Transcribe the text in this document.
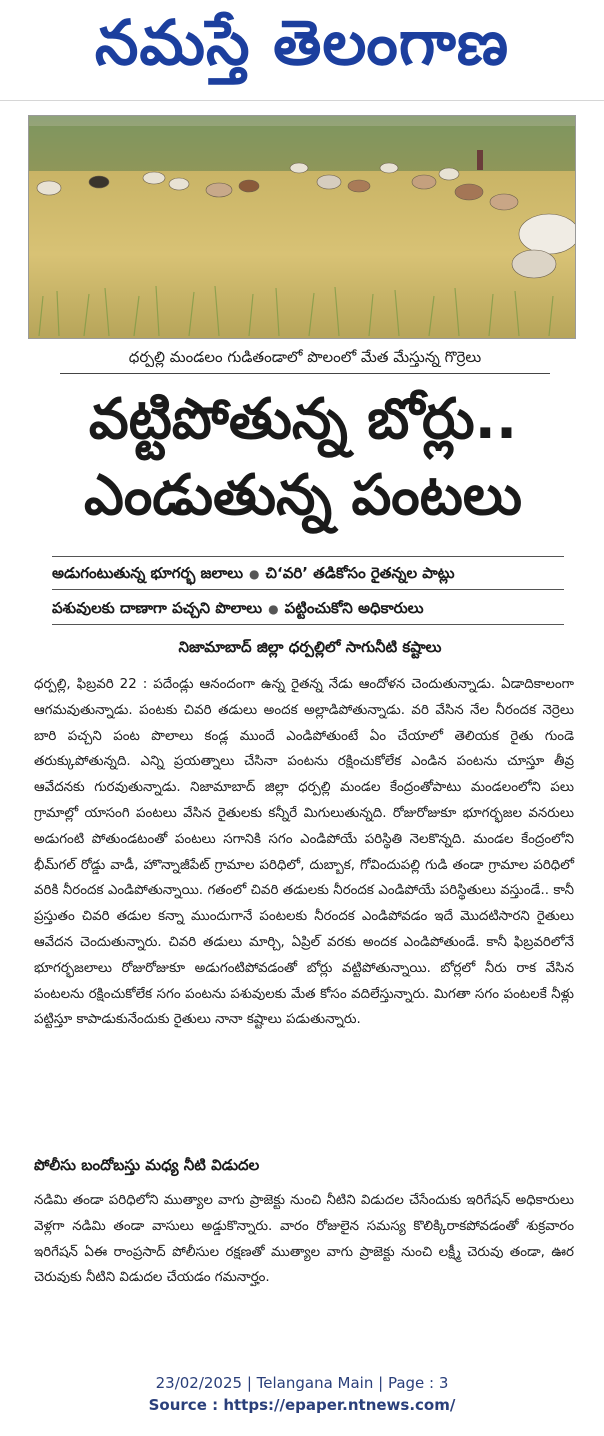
నమస్తే తెలంగాణ
ధర్పల్లి మండలం గుడితండాలో పొలంలో మేత మేస్తున్న గొర్రెలు
వట్టిపోతున్న బోర్లు..
ఎండుతున్న పంటలు
అడుగంటుతున్న భూగర్భ జలాలు ● చి‘వరి’ తడికోసం రైతన్నల పాట్లు
పశువులకు దాణాగా పచ్చని పొలాలు ● పట్టించుకోని అధికారులు
నిజామాబాద్ జిల్లా ధర్పల్లిలో సాగునీటి కష్టాలు

ధర్పల్లి, ఫిబ్రవరి 22 : పదేండ్లు ఆనందంగా ఉన్న రైతన్న నేడు ఆందోళన చెందుతున్నాడు. ఏడాదికాలంగా ఆగమవుతున్నాడు. పంటకు చివరి తడులు అందక అల్లాడిపోతున్నాడు. వరి వేసిన నేల నీరందక నెర్రెలు బారి పచ్చని పంట పొలాలు కండ్ల ముందే ఎండిపోతుంటే ఏం చేయాలో తెలియక రైతు గుండె తరుక్కుపోతున్నది. ఎన్ని ప్రయత్నాలు చేసినా పంటను రక్షించుకోలేక ఎండిన పంటను చూస్తూ తీవ్ర ఆవేదనకు గురవుతున్నాడు. నిజామాబాద్ జిల్లా ధర్పల్లి మండల కేంద్రంతోపాటు మండలంలోని పలు గ్రామాల్లో యాసంగి పంటలు వేసిన రైతులకు కన్నీరే మిగులుతున్నది. రోజురోజుకూ భూగర్భజల వనరులు అడుగంటి పోతుండటంతో పంటలు సగానికి సగం ఎండిపోయే పరిస్థితి నెలకొన్నది. మండల కేంద్రంలోని భీమ్‌గల్ రోడ్డు వాడీ, హొన్నాజీపేట్ గ్రామాల పరిధిలో, దుబ్బాక, గోవిందుపల్లి గుడి తండా గ్రామాల పరిధిలో వరికి నీరందక ఎండిపోతున్నాయి. గతంలో చివరి తడులకు నీరందక ఎండిపోయే పరిస్థితులు వస్తుండే.. కానీ ప్రస్తుతం చివరి తడుల కన్నా ముందుగానే పంటలకు నీరందక ఎండిపోవడం ఇదే మొదటిసారని రైతులు ఆవేదన చెందుతున్నారు. చివరి తడులు మార్చి, ఏప్రిల్ వరకు అందక ఎండిపోతుండే. కానీ ఫిబ్రవరిలోనే భూగర్భజలాలు రోజురోజుకూ అడుగంటిపోవడంతో బోర్లు వట్టిపోతున్నాయి. బోర్లలో నీరు రాక వేసిన పంటలను రక్షించుకోలేక సగం పంటను పశువులకు మేత కోసం వదిలేస్తున్నారు. మిగతా సగం పంటలకే నీళ్లు పట్టిస్తూ కాపాడుకునేందుకు రైతులు నానా కష్టాలు పడుతున్నారు.

పోలీసు బందోబస్తు మధ్య నీటి విడుదల

నడిమి తండా పరిధిలోని ముత్యాల వాగు ప్రాజెక్టు నుంచి నీటిని విడుదల చేసేందుకు ఇరిగేషన్ అధికారులు వెళ్లగా నడిమి తండా వాసులు అడ్డుకొన్నారు. వారం రోజులైన సమస్య కొలిక్కిరాకపోవడంతో శుక్రవారం ఇరిగేషన్ ఏఈ రాంప్రసాద్ పోలీసుల రక్షణతో ముత్యాల వాగు ప్రాజెక్టు నుంచి లక్ష్మీ చెరువు తండా, ఊర చెరువుకు నీటిని విడుదల చేయడం గమనార్హం.

23/02/2025 | Telangana Main | Page : 3
Source : https://epaper.ntnews.com/
